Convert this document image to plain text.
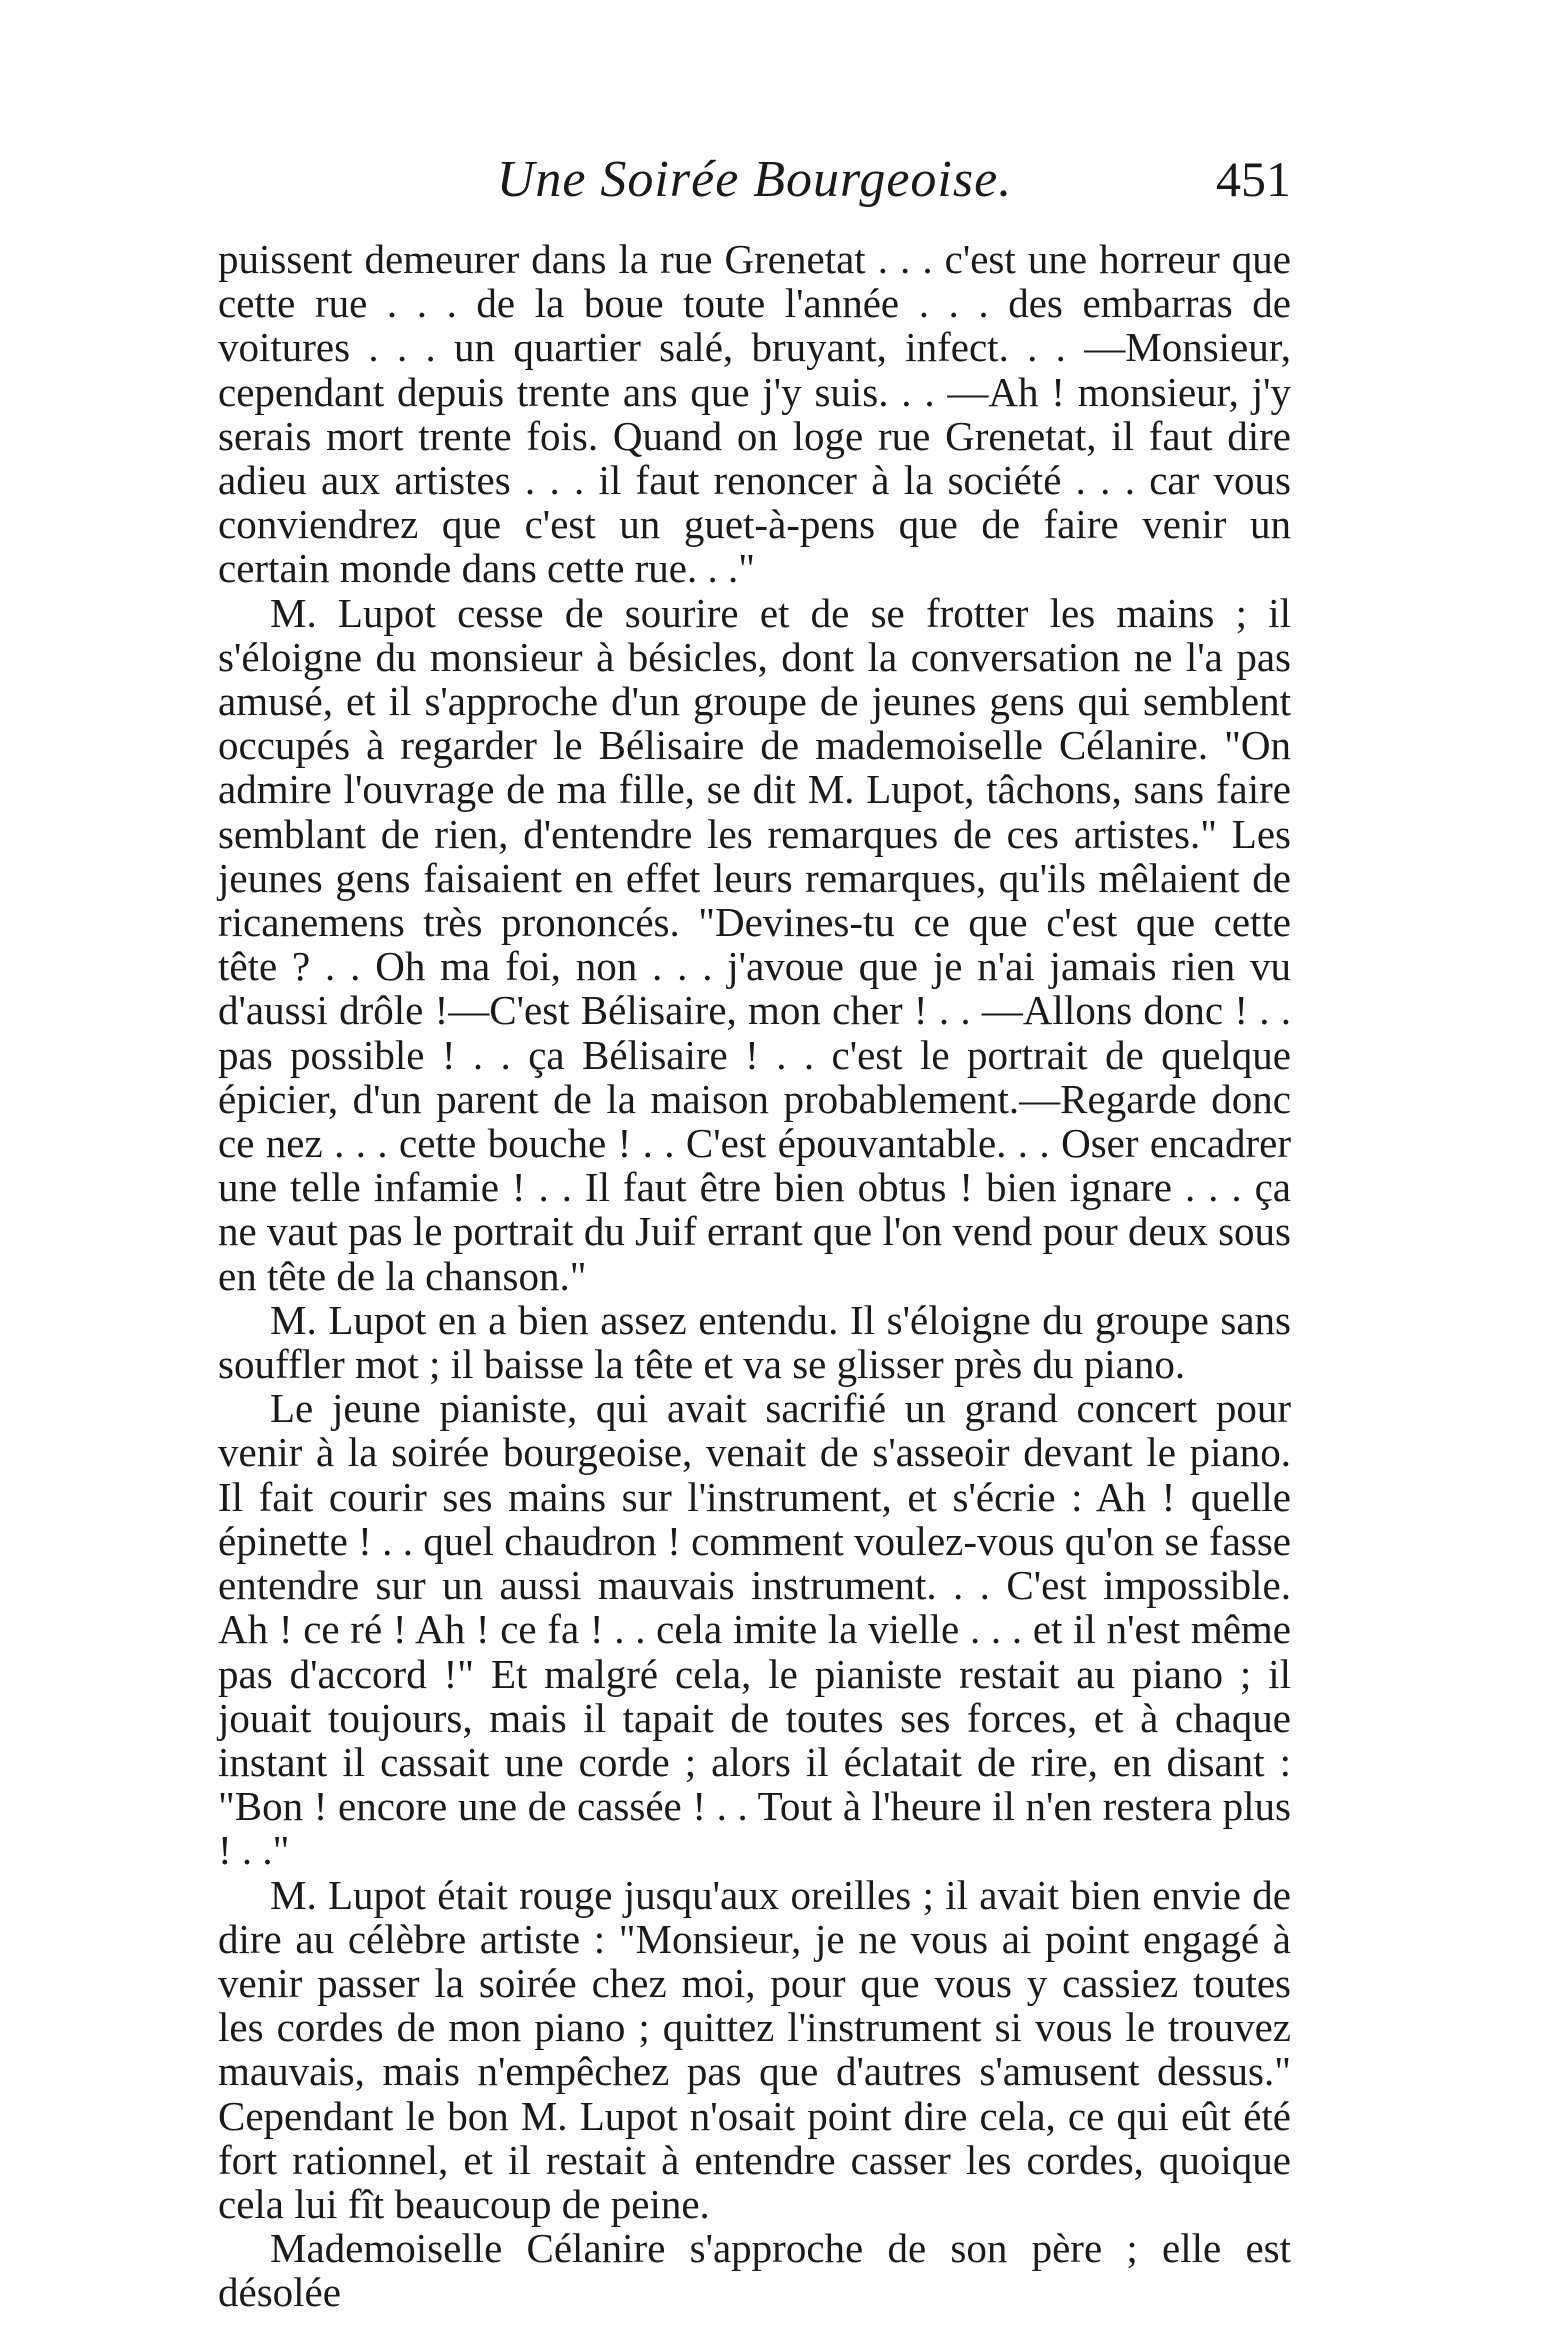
Une Soirée Bourgeoise.	451

puissent demeurer dans la rue Grenetat . . . c'est une horreur que cette rue . . . de la boue toute l'année . . . des embarras de voitures . . . un quartier salé, bruyant, infect. . . —Monsieur, cependant depuis trente ans que j'y suis. . . —Ah ! monsieur, j'y serais mort trente fois. Quand on loge rue Grenetat, il faut dire adieu aux artistes . . . il faut renoncer à la société . . . car vous conviendrez que c'est un guet-à-pens que de faire venir un certain monde dans cette rue. . ."

M. Lupot cesse de sourire et de se frotter les mains ; il s'éloigne du monsieur à bésicles, dont la conversation ne l'a pas amusé, et il s'approche d'un groupe de jeunes gens qui semblent occupés à regarder le Bélisaire de mademoiselle Célanire. "On admire l'ouvrage de ma fille, se dit M. Lupot, tâchons, sans faire semblant de rien, d'entendre les remarques de ces artistes." Les jeunes gens faisaient en effet leurs remarques, qu'ils mêlaient de ricanemens très prononcés. "Devines-tu ce que c'est que cette tête ? . . Oh ma foi, non . . . j'avoue que je n'ai jamais rien vu d'aussi drôle !—C'est Bélisaire, mon cher ! . . —Allons donc ! . . pas possible ! . . ça Bélisaire ! . . c'est le portrait de quelque épicier, d'un parent de la maison probablement.—Regarde donc ce nez . . . cette bouche ! . . C'est épouvantable. . . Oser encadrer une telle infamie ! . . Il faut être bien obtus ! bien ignare . . . ça ne vaut pas le portrait du Juif errant que l'on vend pour deux sous en tête de la chanson."

M. Lupot en a bien assez entendu. Il s'éloigne du groupe sans souffler mot ; il baisse la tête et va se glisser près du piano.

Le jeune pianiste, qui avait sacrifié un grand concert pour venir à la soirée bourgeoise, venait de s'asseoir devant le piano. Il fait courir ses mains sur l'instrument, et s'écrie : Ah ! quelle épinette ! . . quel chaudron ! comment voulez-vous qu'on se fasse entendre sur un aussi mauvais instrument. . . C'est impossible. Ah ! ce ré ! Ah ! ce fa ! . . cela imite la vielle . . . et il n'est même pas d'accord !" Et malgré cela, le pianiste restait au piano ; il jouait toujours, mais il tapait de toutes ses forces, et à chaque instant il cassait une corde ; alors il éclatait de rire, en disant : "Bon ! encore une de cassée ! . . Tout à l'heure il n'en restera plus ! . ."

M. Lupot était rouge jusqu'aux oreilles ; il avait bien envie de dire au célèbre artiste : "Monsieur, je ne vous ai point engagé à venir passer la soirée chez moi, pour que vous y cassiez toutes les cordes de mon piano ; quittez l'instrument si vous le trouvez mauvais, mais n'empêchez pas que d'autres s'amusent dessus." Cependant le bon M. Lupot n'osait point dire cela, ce qui eût été fort rationnel, et il restait à entendre casser les cordes, quoique cela lui fît beaucoup de peine.

Mademoiselle Célanire s'approche de son père ; elle est désolée
